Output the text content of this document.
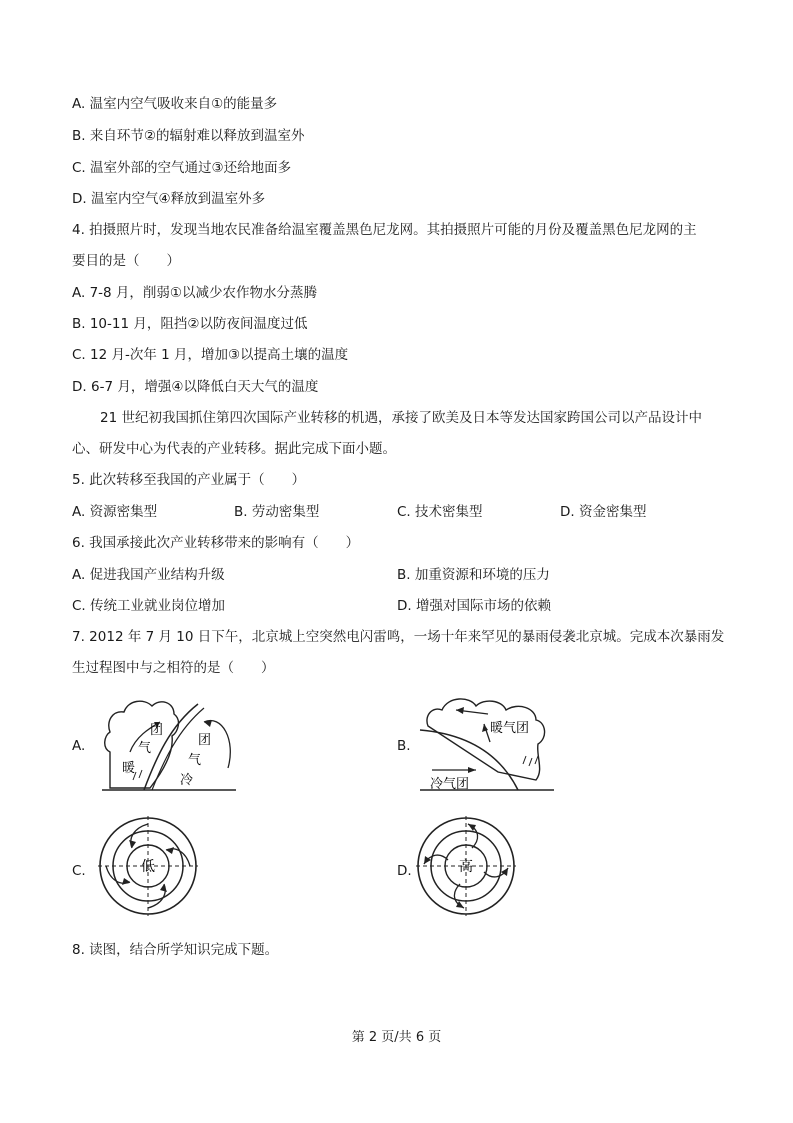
A. 温室内空气吸收来自①的能量多
B. 来自环节②的辐射难以释放到温室外
C. 温室外部的空气通过③还给地面多
D. 温室内空气④释放到温室外多
4. 拍摄照片时，发现当地农民准备给温室覆盖黑色尼龙网。其拍摄照片可能的月份及覆盖黑色尼龙网的主
要目的是（　　）
A. 7-8 月，削弱①以减少农作物水分蒸腾
B. 10-11 月，阻挡②以防夜间温度过低
C. 12 月-次年 1 月，增加③以提高土壤的温度
D. 6-7 月，增强④以降低白天大气的温度
21 世纪初我国抓住第四次国际产业转移的机遇，承接了欧美及日本等发达国家跨国公司以产品设计中
心、研发中心为代表的产业转移。据此完成下面小题。
5. 此次转移至我国的产业属于（　　）
A. 资源密集型	B. 劳动密集型	C. 技术密集型	D. 资金密集型
6. 我国承接此次产业转移带来的影响有（　　）
A. 促进我国产业结构升级	B. 加重资源和环境的压力
C. 传统工业就业岗位增加	D. 增强对国际市场的依赖
7. 2012 年 7 月 10 日下午，北京城上空突然电闪雷鸣，一场十年来罕见的暴雨侵袭北京城。完成本次暴雨发
生过程图中与之相符的是（　　）
A.
团
气
暖
团
气
冷
B.
暖气团
冷气团
C.	低	D.	高
8. 读图，结合所学知识完成下题。
第 2 页/共 6 页
